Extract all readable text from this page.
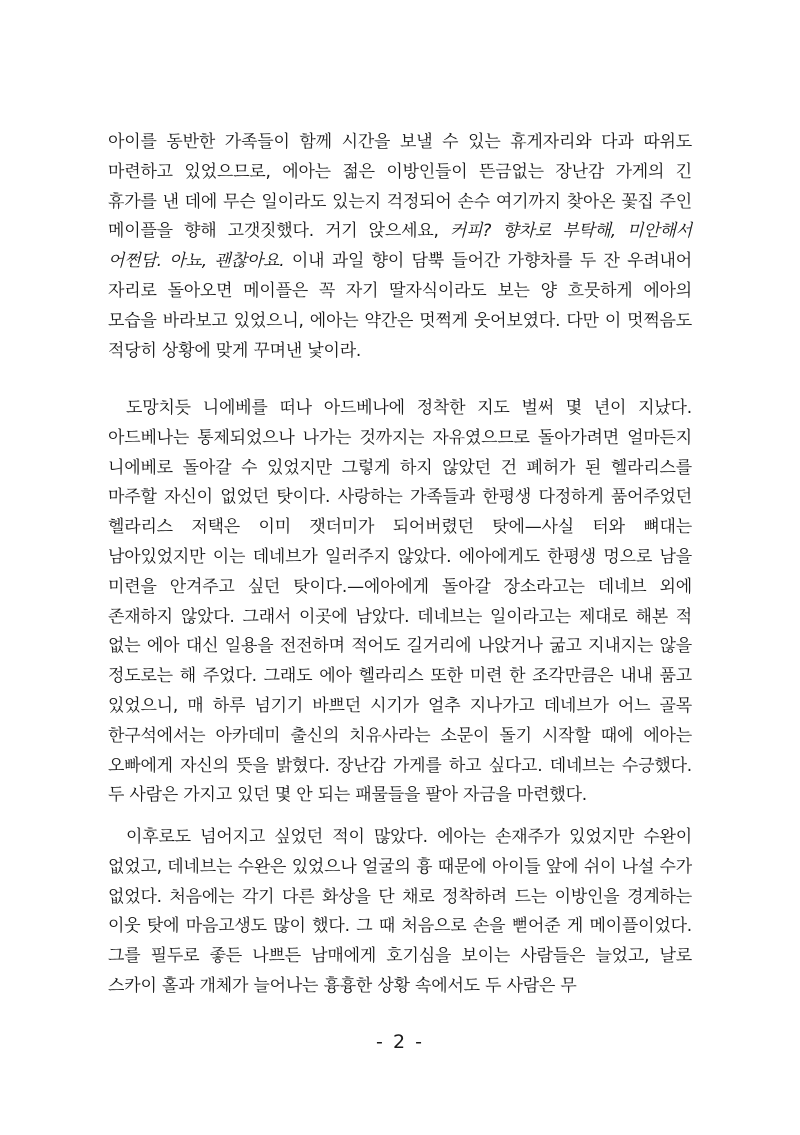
아이를 동반한 가족들이 함께 시간을 보낼 수 있는 휴게자리와 다과 따위도 마련하고 있었으므로, 에아는 젊은 이방인들이 뜬금없는 장난감 가게의 긴 휴가를 낸 데에 무슨 일이라도 있는지 걱정되어 손수 여기까지 찾아온 꽃집 주인 메이플을 향해 고갯짓했다. 거기 앉으세요, 커피? 향차로 부탁해, 미안해서 어쩐담. 아뇨, 괜찮아요. 이내 과일 향이 담뿍 들어간 가향차를 두 잔 우려내어 자리로 돌아오면 메이플은 꼭 자기 딸자식이라도 보는 양 흐뭇하게 에아의 모습을 바라보고 있었으니, 에아는 약간은 멋쩍게 웃어보였다. 다만 이 멋쩍음도 적당히 상황에 맞게 꾸며낸 낯이라.

도망치듯 니에베를 떠나 아드베나에 정착한 지도 벌써 몇 년이 지났다. 아드베나는 통제되었으나 나가는 것까지는 자유였으므로 돌아가려면 얼마든지 니에베로 돌아갈 수 있었지만 그렇게 하지 않았던 건 폐허가 된 헬라리스를 마주할 자신이 없었던 탓이다. 사랑하는 가족들과 한평생 다정하게 품어주었던 헬라리스 저택은 이미 잿더미가 되어버렸던 탓에—사실 터와 뼈대는 남아있었지만 이는 데네브가 일러주지 않았다. 에아에게도 한평생 멍으로 남을 미련을 안겨주고 싶던 탓이다.—에아에게 돌아갈 장소라고는 데네브 외에 존재하지 않았다. 그래서 이곳에 남았다. 데네브는 일이라고는 제대로 해본 적 없는 에아 대신 일용을 전전하며 적어도 길거리에 나앉거나 굶고 지내지는 않을 정도로는 해 주었다. 그래도 에아 헬라리스 또한 미련 한 조각만큼은 내내 품고 있었으니, 매 하루 넘기기 바쁘던 시기가 얼추 지나가고 데네브가 어느 골목 한구석에서는 아카데미 출신의 치유사라는 소문이 돌기 시작할 때에 에아는 오빠에게 자신의 뜻을 밝혔다. 장난감 가게를 하고 싶다고. 데네브는 수긍했다. 두 사람은 가지고 있던 몇 안 되는 패물들을 팔아 자금을 마련했다.

이후로도 넘어지고 싶었던 적이 많았다. 에아는 손재주가 있었지만 수완이 없었고, 데네브는 수완은 있었으나 얼굴의 흉 때문에 아이들 앞에 쉬이 나설 수가 없었다. 처음에는 각기 다른 화상을 단 채로 정착하려 드는 이방인을 경계하는 이웃 탓에 마음고생도 많이 했다. 그 때 처음으로 손을 뻗어준 게 메이플이었다. 그를 필두로 좋든 나쁘든 남매에게 호기심을 보이는 사람들은 늘었고, 날로 스카이 홀과 개체가 늘어나는 흉흉한 상황 속에서도 두 사람은 무

- 2 -
